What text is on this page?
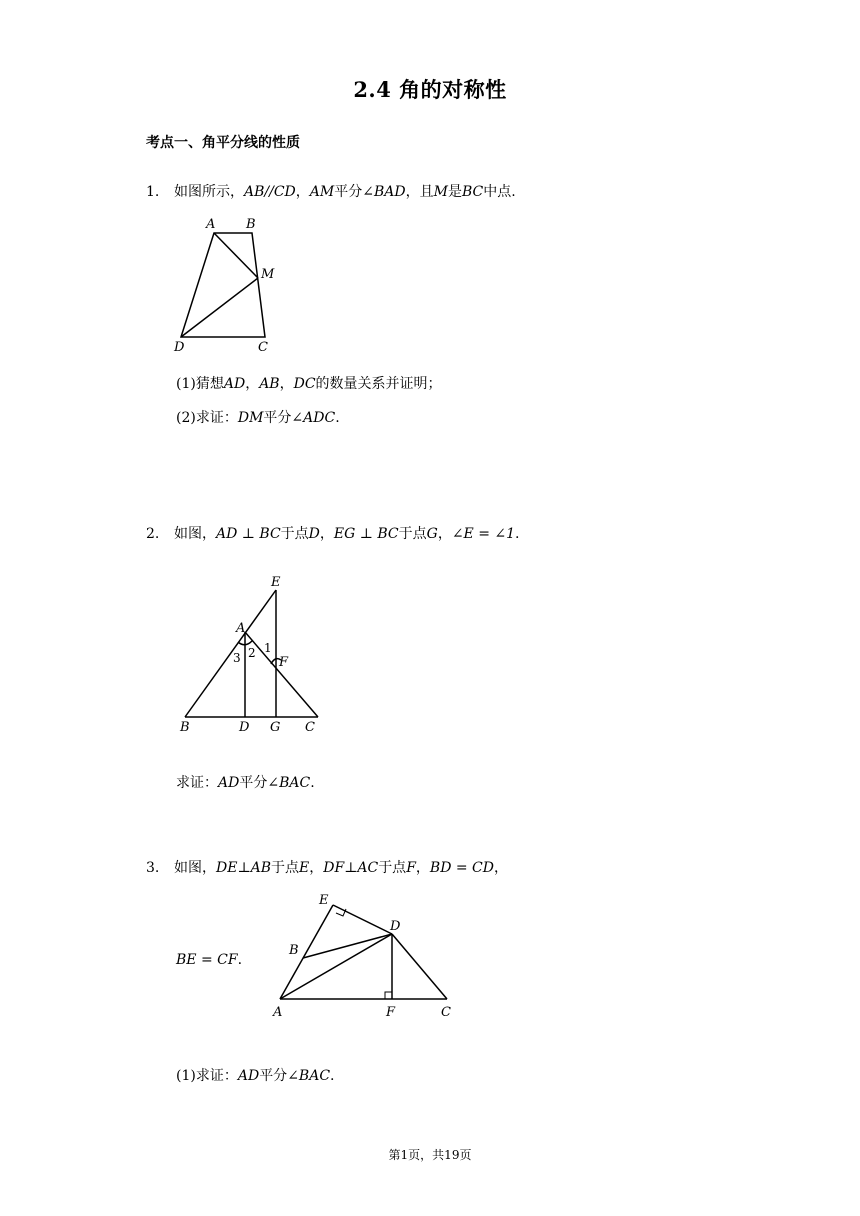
2.4 角的对称性
考点一、角平分线的性质
1. 如图所示，AB//CD，AM平分∠BAD，且M是BC中点.
A B
M
D	C
(1)猜想AD，AB，DC的数量关系并证明；
(2)求证：DM平分∠ADC.
2. 如图，AD ⊥ BC于点D，EG ⊥ BC于点G，∠E = ∠1.
E
A
1
3 2
F
B	D G C
求证：AD平分∠BAC.
3. 如图，DE⊥AB于点E，DF⊥AC于点F，BD = CD，
BE = CF.
E
D
B
A	F	C
(1)求证：AD平分∠BAC.
第1页，共19页
